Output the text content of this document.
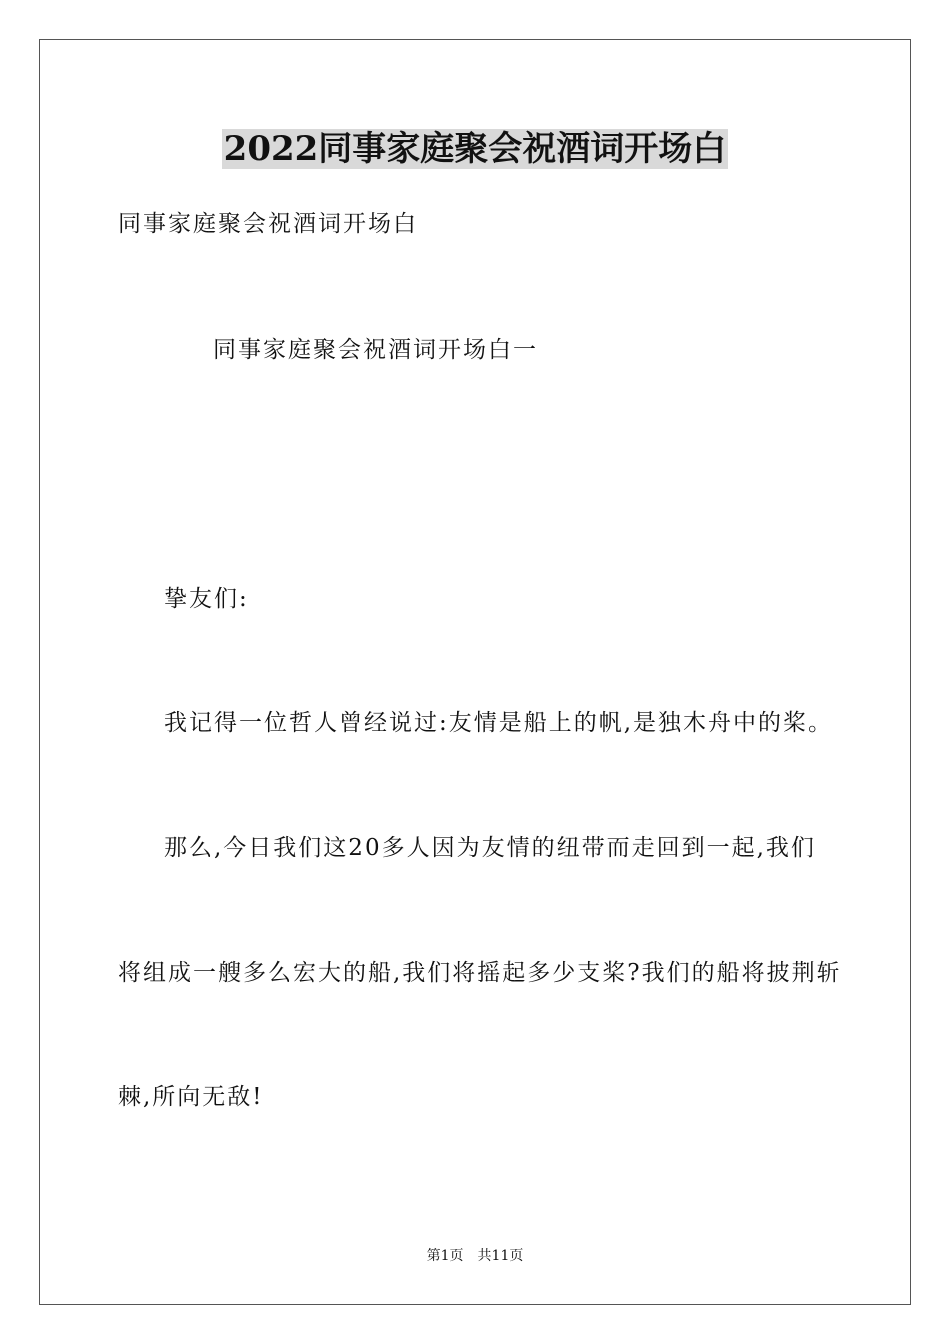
2022同事家庭聚会祝酒词开场白
同事家庭聚会祝酒词开场白
同事家庭聚会祝酒词开场白一
挚友们:
我记得一位哲人曾经说过:友情是船上的帆,是独木舟中的桨。
那么,今日我们这20多人因为友情的纽带而走回到一起,我们
将组成一艘多么宏大的船,我们将摇起多少支桨?我们的船将披荆斩
棘,所向无敌!
第1页 共11页
